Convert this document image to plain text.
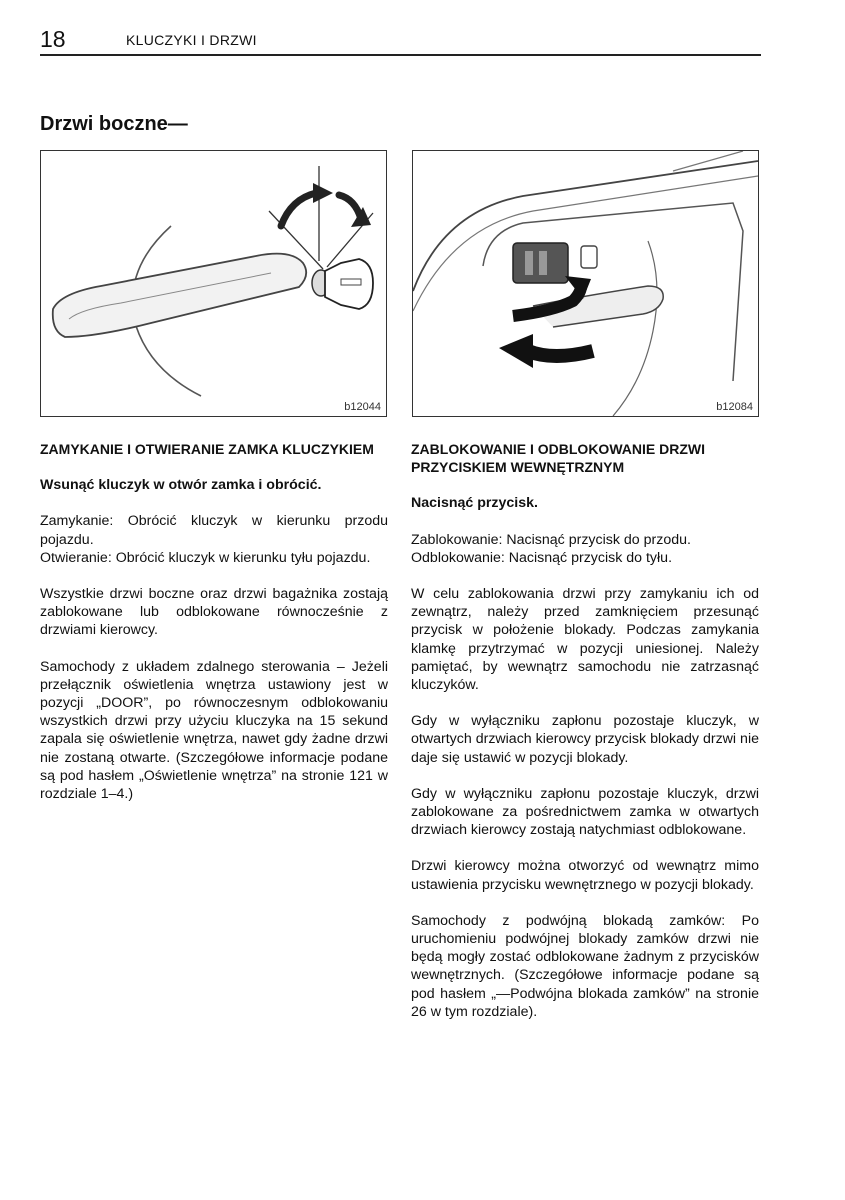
18	KLUCZYKI I DRZWI
Drzwi boczne—
b12044	b12084
ZAMYKANIE I OTWIERANIE ZAMKA KLUCZYKIEM

Wsunąć kluczyk w otwór zamka i obrócić.

Zamykanie: Obrócić kluczyk w kierunku przodu pojazdu.
Otwieranie: Obrócić kluczyk w kierunku tyłu pojazdu.

Wszystkie drzwi boczne oraz drzwi bagażnika zostają zablokowane lub odblokowane równocześnie z drzwiami kierowcy.

Samochody z układem zdalnego sterowania – Jeżeli przełącznik oświetlenia wnętrza ustawiony jest w pozycji „DOOR”, po równoczesnym odblokowaniu wszystkich drzwi przy użyciu kluczyka na 15 sekund zapala się oświetlenie wnętrza, nawet gdy żadne drzwi nie zostaną otwarte. (Szczegółowe informacje podane są pod hasłem „Oświetlenie wnętrza” na stronie 121 w rozdziale 1–4.)

ZABLOKOWANIE I ODBLOKOWANIE DRZWI PRZYCISKIEM WEWNĘTRZNYM

Nacisnąć przycisk.

Zablokowanie: Nacisnąć przycisk do przodu.
Odblokowanie: Nacisnąć przycisk do tyłu.

W celu zablokowania drzwi przy zamykaniu ich od zewnątrz, należy przed zamknięciem przesunąć przycisk w położenie blokady. Podczas zamykania klamkę przytrzymać w pozycji uniesionej. Należy pamiętać, by wewnątrz samochodu nie zatrzasnąć kluczyków.

Gdy w wyłączniku zapłonu pozostaje kluczyk, w otwartych drzwiach kierowcy przycisk blokady drzwi nie daje się ustawić w pozycji blokady.

Gdy w wyłączniku zapłonu pozostaje kluczyk, drzwi zablokowane za pośrednictwem zamka w otwartych drzwiach kierowcy zostają natychmiast odblokowane.

Drzwi kierowcy można otworzyć od wewnątrz mimo ustawienia przycisku wewnętrznego w pozycji blokady.

Samochody z podwójną blokadą zamków: Po uruchomieniu podwójnej blokady zamków drzwi nie będą mogły zostać odblokowane żadnym z przycisków wewnętrznych. (Szczegółowe informacje podane są pod hasłem „—Podwójna blokada zamków” na stronie 26 w tym rozdziale).
